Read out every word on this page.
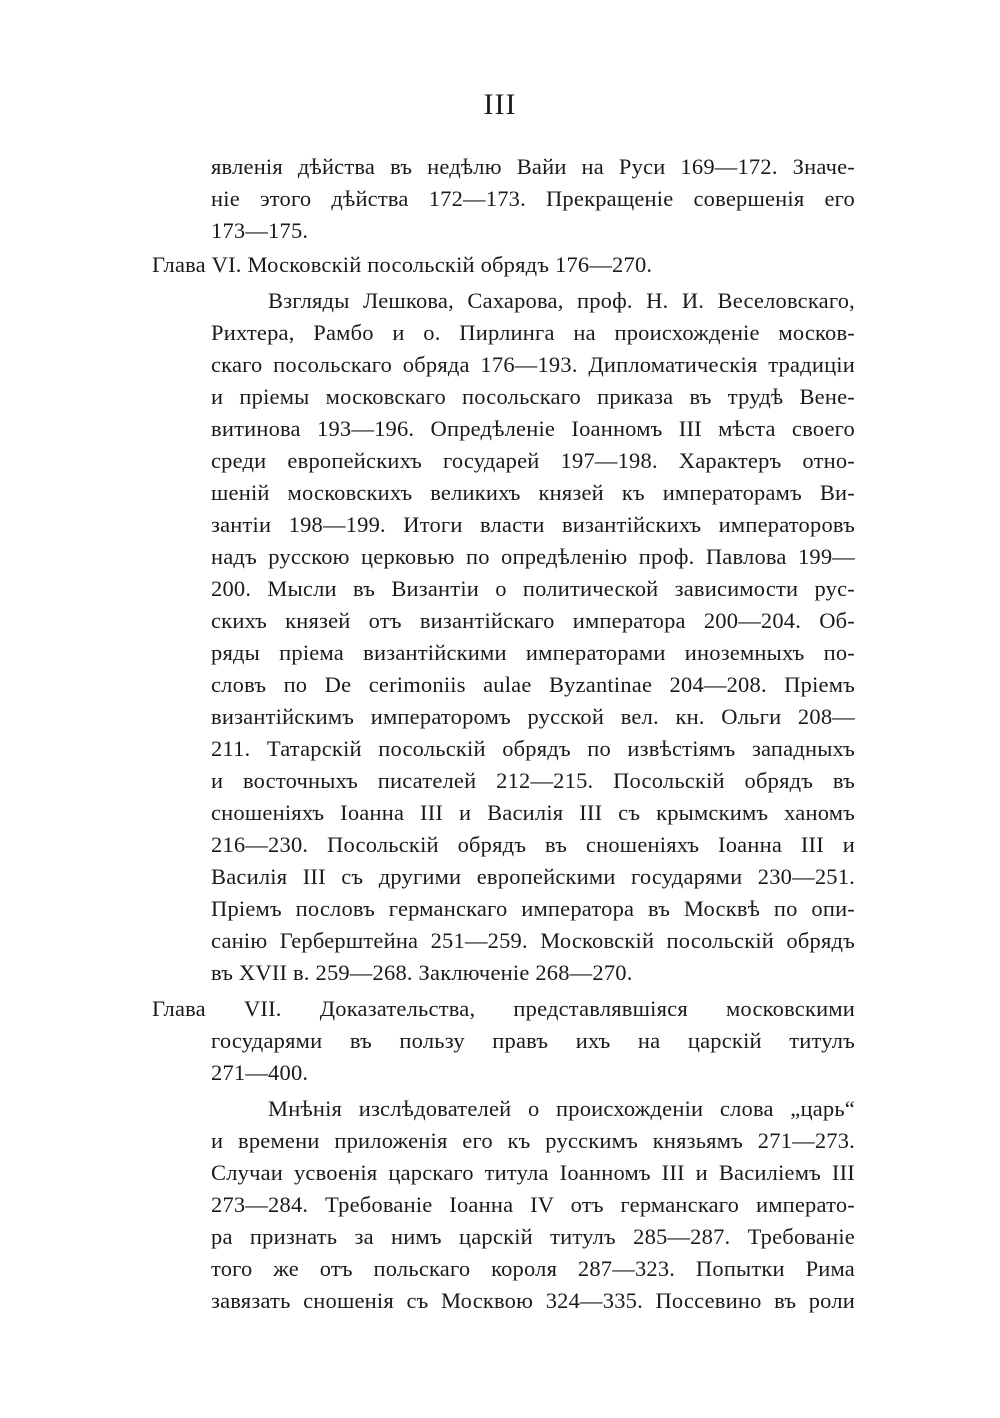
III
явленія дѣйства въ недѣлю Вайи на Руси 169—172. Значе-
ніе этого дѣйства 172—173. Прекращеніе совершенія его
173—175.
Глава VI. Московскій посольскій обрядъ 176—270.
Взгляды Лешкова, Сахарова, проф. Н. И. Веселовскаго,
Рихтера, Рамбо и о. Пирлинга на происхожденіе москов-
скаго посольскаго обряда 176—193. Дипломатическія традиціи
и пріемы московскаго посольскаго приказа въ трудѣ Вене-
витинова 193—196. Опредѣленіе Іоанномъ III мѣста своего
среди европейскихъ государей 197—198. Характеръ отно-
шеній московскихъ великихъ князей къ императорамъ Ви-
зантіи 198—199. Итоги власти византійскихъ императоровъ
надъ русскою церковью по опредѣленію проф. Павлова 199—
200. Мысли въ Византіи о политической зависимости рус-
скихъ князей отъ византійскаго императора 200—204. Об-
ряды пріема византійскими императорами иноземныхъ по-
словъ по De cerimoniis aulae Byzantinae 204—208. Пріемъ
византійскимъ императоромъ русской вел. кн. Ольги 208—
211. Татарскій посольскій обрядъ по извѣстіямъ западныхъ
и восточныхъ писателей 212—215. Посольскій обрядъ въ
сношеніяхъ Іоанна III и Василія III съ крымскимъ ханомъ
216—230. Посольскій обрядъ въ сношеніяхъ Іоанна III и
Василія III съ другими европейскими государями 230—251.
Пріемъ пословъ германскаго императора въ Москвѣ по опи-
санію Герберштейна 251—259. Московскій посольскій обрядъ
въ XVII в. 259—268. Заключеніе 268—270.
Глава VII. Доказательства, представлявшіяся московскими
государями въ пользу правъ ихъ на царскій титулъ
271—400.
Мнѣнія изслѣдователей о происхожденіи слова „царь“
и времени приложенія его къ русскимъ князьямъ 271—273.
Случаи усвоенія царскаго титула Іоанномъ III и Василіемъ III
273—284. Требованіе Іоанна IV отъ германскаго императо-
ра признать за нимъ царскій титулъ 285—287. Требованіе
того же отъ польскаго короля 287—323. Попытки Рима
завязать сношенія съ Москвою 324—335. Поссевино въ роли
